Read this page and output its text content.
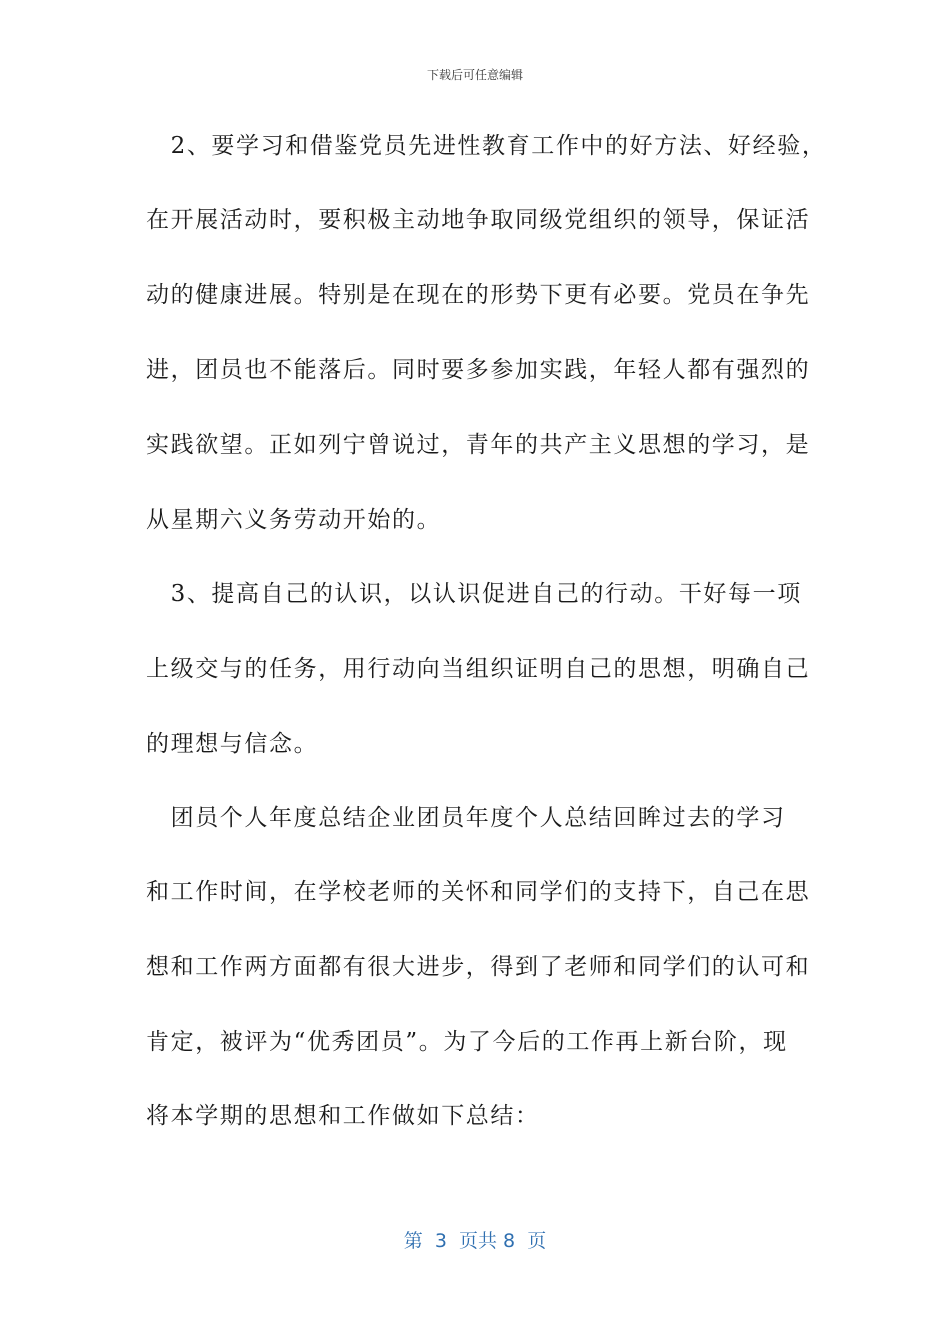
下载后可任意编辑
　2、要学习和借鉴党员先进性教育工作中的好方法、好经验，
在开展活动时，要积极主动地争取同级党组织的领导，保证活
动的健康进展。特别是在现在的形势下更有必要。党员在争先
进，团员也不能落后。同时要多参加实践，年轻人都有强烈的
实践欲望。正如列宁曾说过，青年的共产主义思想的学习，是
从星期六义务劳动开始的。
　3、提高自己的认识，以认识促进自己的行动。干好每一项
上级交与的任务，用行动向当组织证明自己的思想，明确自己
的理想与信念。
　团员个人年度总结企业团员年度个人总结回眸过去的学习
和工作时间，在学校老师的关怀和同学们的支持下，自己在思
想和工作两方面都有很大进步，得到了老师和同学们的认可和
肯定，被评为“优秀团员”。为了今后的工作再上新台阶，现
将本学期的思想和工作做如下总结：
第  3  页共 8  页
